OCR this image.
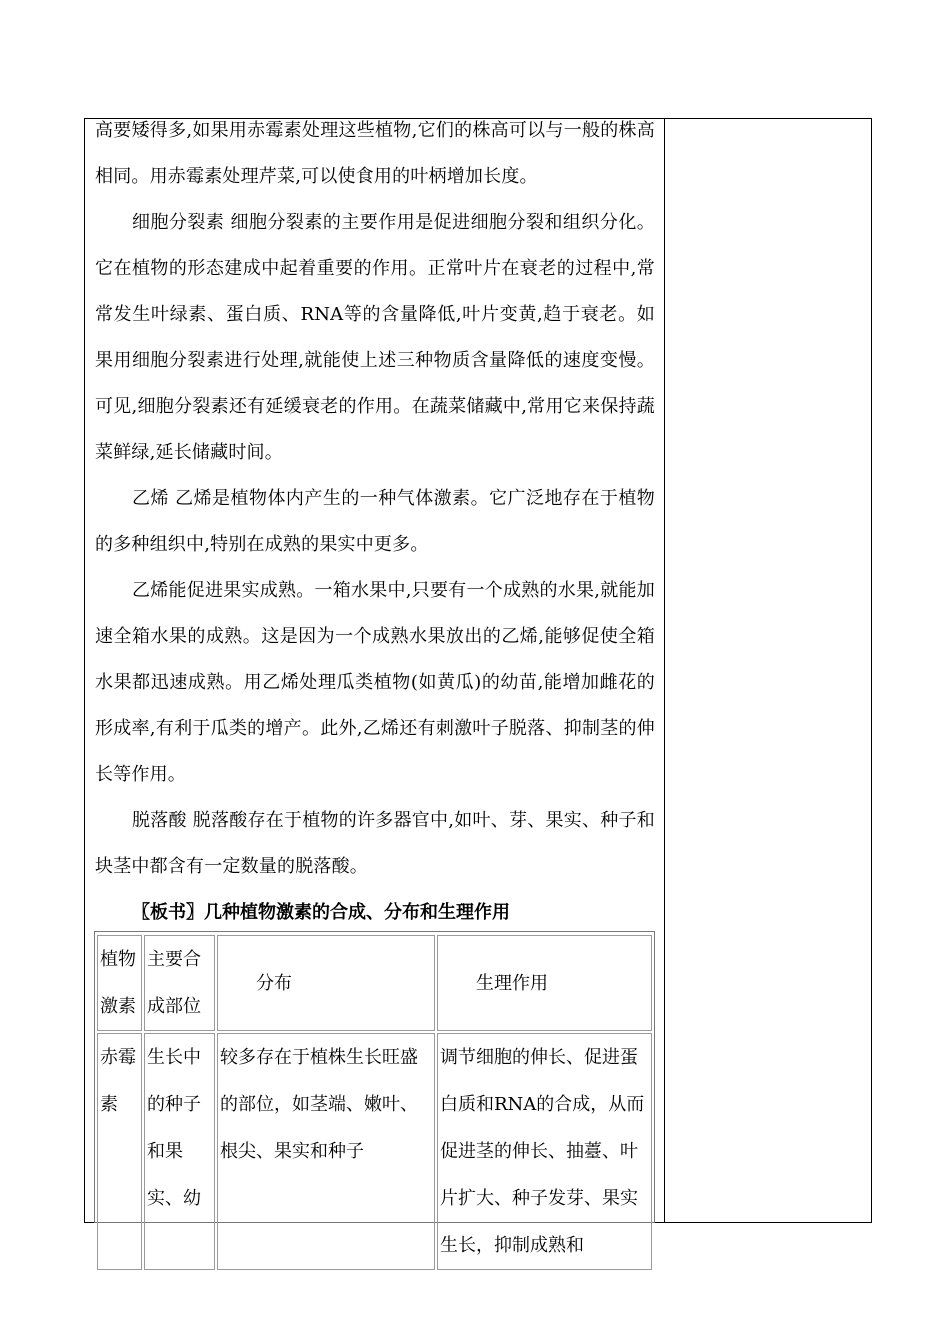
高要矮得多,如果用赤霉素处理这些植物,它们的株高可以与一般的株高相同。用赤霉素处理芹菜,可以使食用的叶柄增加长度。

细胞分裂素 细胞分裂素的主要作用是促进细胞分裂和组织分化。它在植物的形态建成中起着重要的作用。正常叶片在衰老的过程中,常常发生叶绿素、蛋白质、RNA等的含量降低,叶片变黄,趋于衰老。如果用细胞分裂素进行处理,就能使上述三种物质含量降低的速度变慢。可见,细胞分裂素还有延缓衰老的作用。在蔬菜储藏中,常用它来保持蔬菜鲜绿,延长储藏时间。

乙烯 乙烯是植物体内产生的一种气体激素。它广泛地存在于植物的多种组织中,特别在成熟的果实中更多。

乙烯能促进果实成熟。一箱水果中,只要有一个成熟的水果,就能加速全箱水果的成熟。这是因为一个成熟水果放出的乙烯,能够促使全箱水果都迅速成熟。用乙烯处理瓜类植物(如黄瓜)的幼苗,能增加雌花的形成率,有利于瓜类的增产。此外,乙烯还有刺激叶子脱落、抑制茎的伸长等作用。

脱落酸 脱落酸存在于植物的许多器官中,如叶、芽、果实、种子和块茎中都含有一定数量的脱落酸。

〖板书〗几种植物激素的合成、分布和生理作用

植物激素	主要合成部位	分布	生理作用
赤霉素	生长中的种子和果实、幼	较多存在于植株生长旺盛的部位，如茎端、嫩叶、根尖、果实和种子	调节细胞的伸长、促进蛋白质和RNA的合成，从而促进茎的伸长、抽薹、叶片扩大、种子发芽、果实生长，抑制成熟和
